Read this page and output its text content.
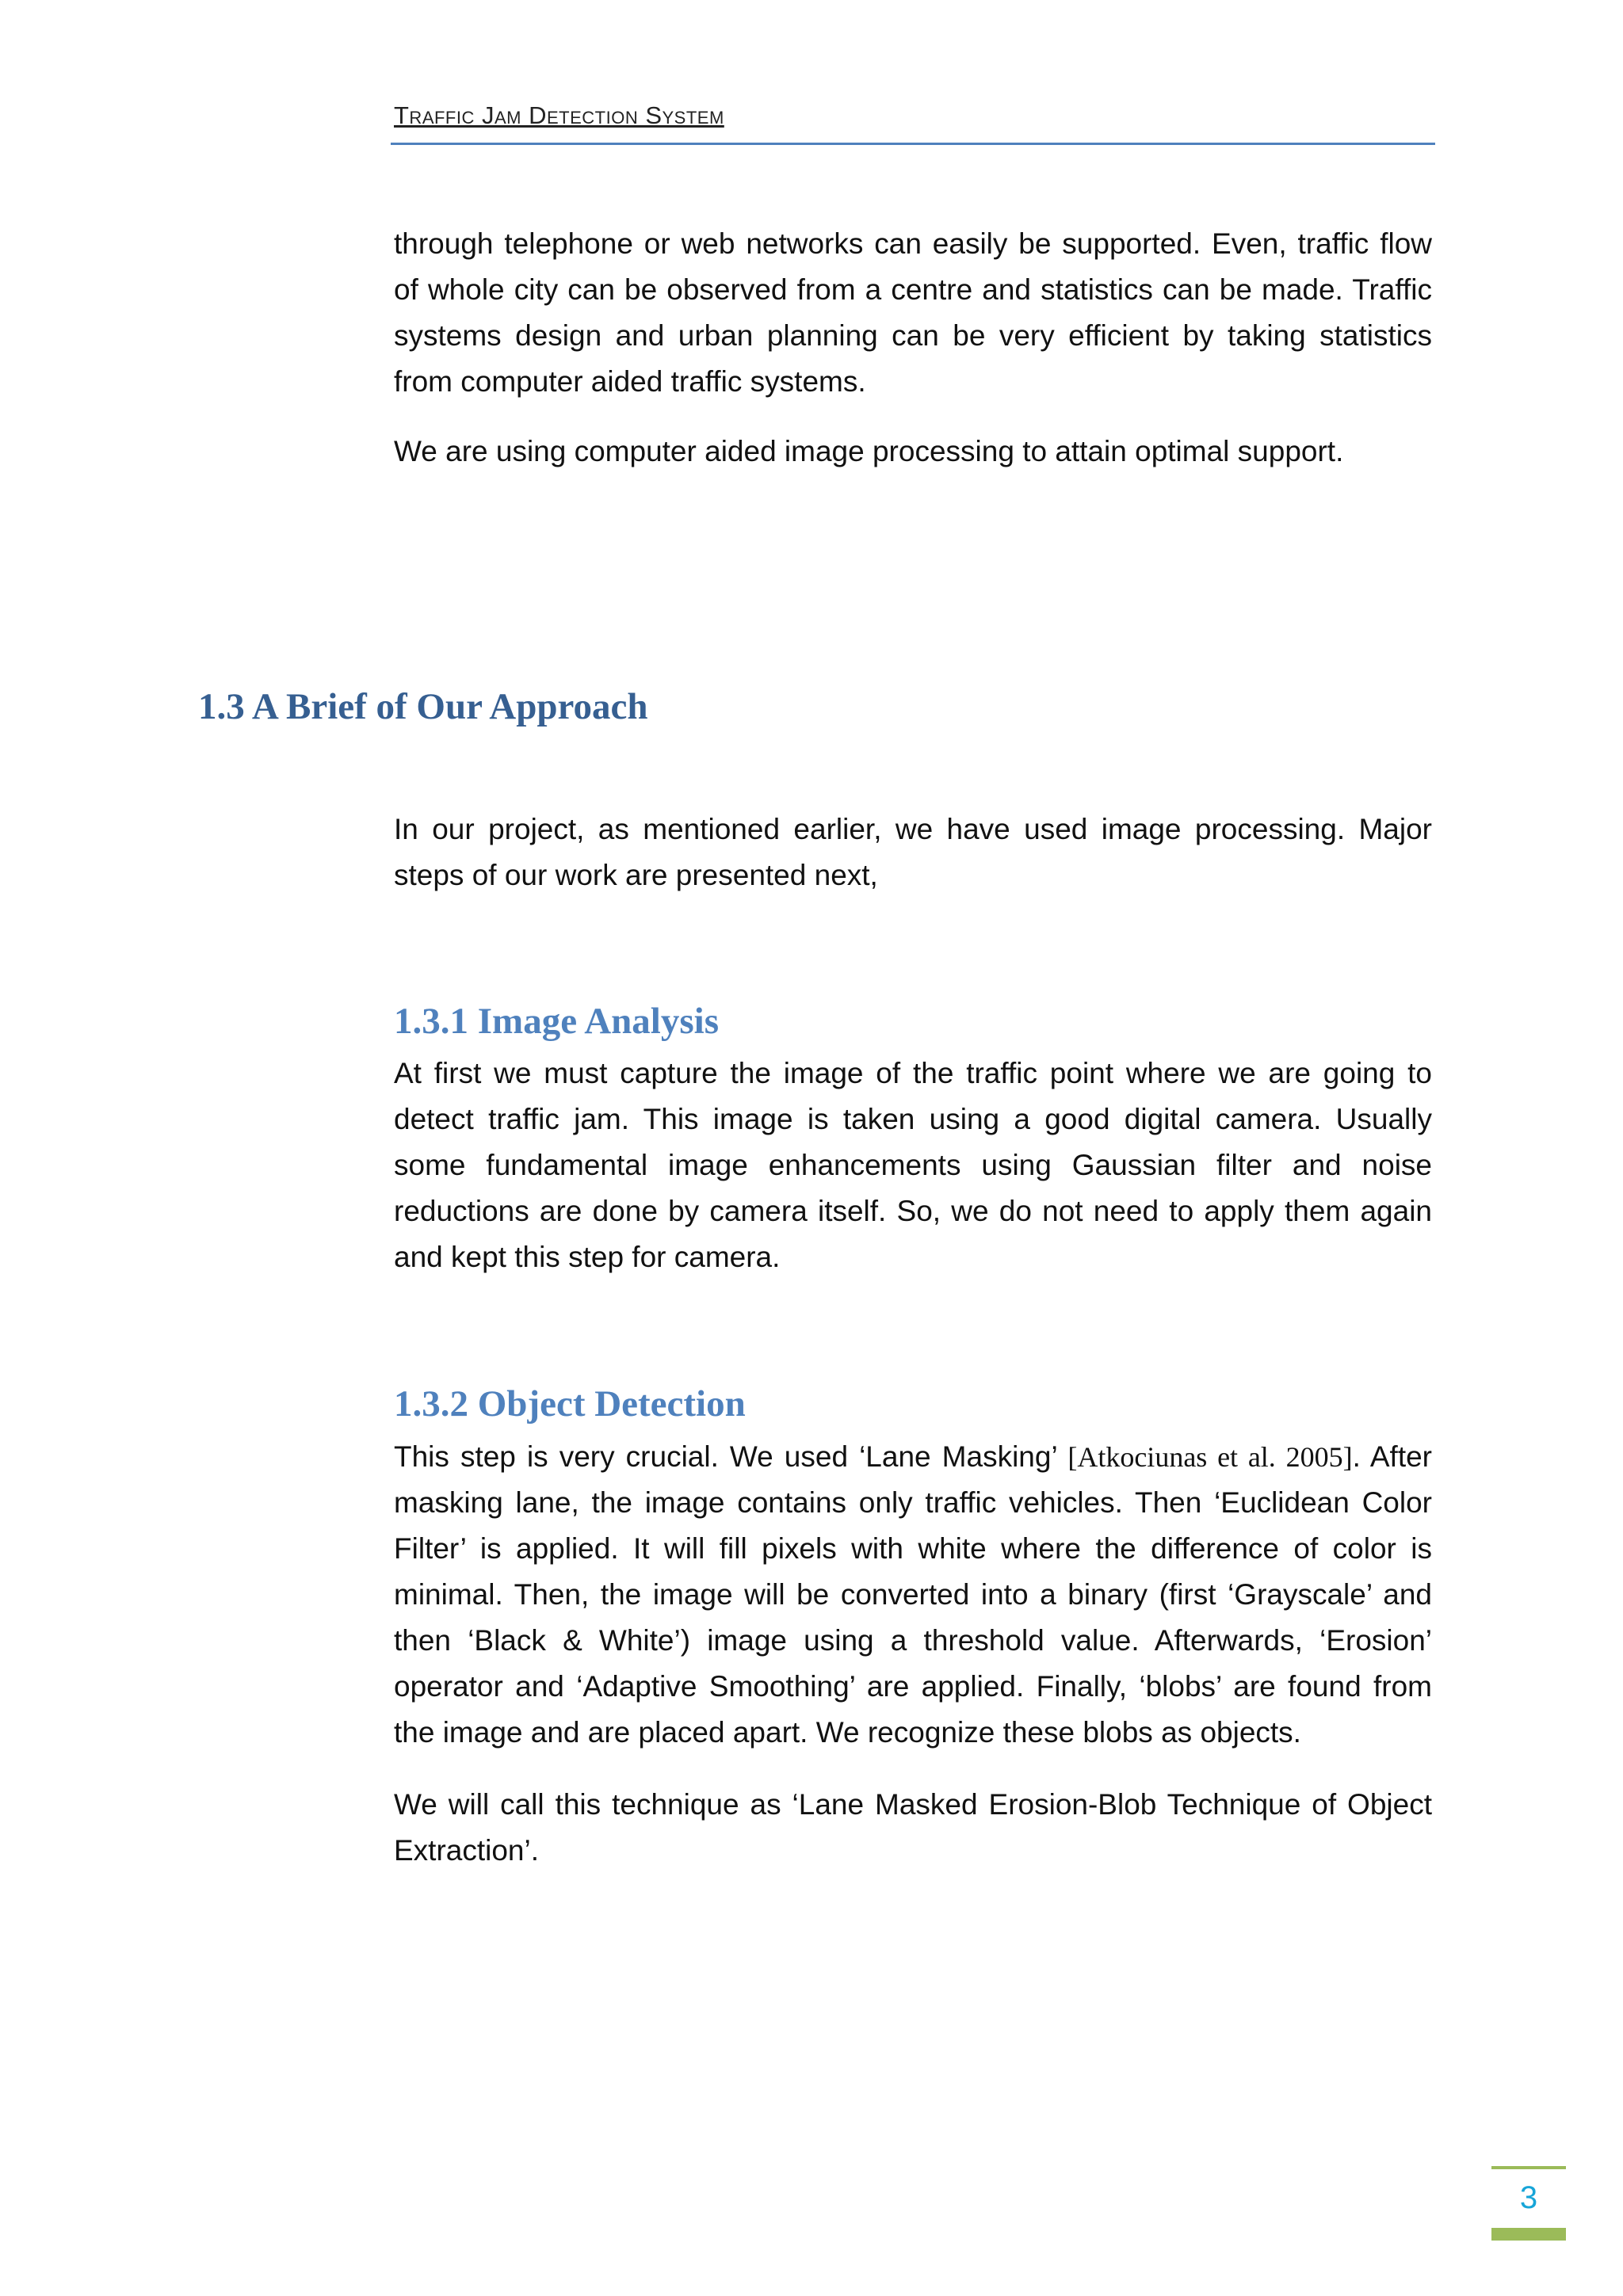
Traffic Jam Detection System

through telephone or web networks can easily be supported. Even, traffic flow of whole city can be observed from a centre and statistics can be made. Traffic systems design and urban planning can be very efficient by taking statistics from computer aided traffic systems.

We are using computer aided image processing to attain optimal support.

1.3 A Brief of Our Approach

In our project, as mentioned earlier, we have used image processing. Major steps of our work are presented next,

1.3.1 Image Analysis

At first we must capture the image of the traffic point where we are going to detect traffic jam. This image is taken using a good digital camera. Usually some fundamental image enhancements using Gaussian filter and noise reductions are done by camera itself. So, we do not need to apply them again and kept this step for camera.

1.3.2 Object Detection

This step is very crucial. We used ‘Lane Masking’ [Atkociunas et al. 2005]. After masking lane, the image contains only traffic vehicles. Then ‘Euclidean Color Filter’ is applied. It will fill pixels with white where the difference of color is minimal. Then, the image will be converted into a binary (first ‘Grayscale’ and then ‘Black & White’) image using a threshold value. Afterwards, ‘Erosion’ operator and ‘Adaptive Smoothing’ are applied. Finally, ‘blobs’ are found from the image and are placed apart. We recognize these blobs as objects.

We will call this technique as ‘Lane Masked Erosion-Blob Technique of Object Extraction’.

3
